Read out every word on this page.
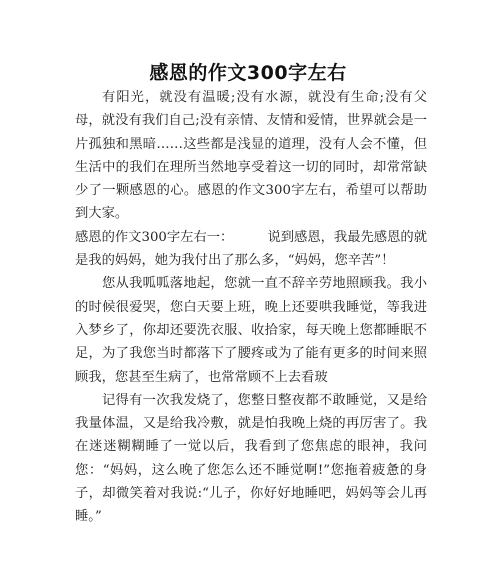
感恩的作文300字左右

有阳光，就没有温暖;没有水源，就没有生命;没有父母，就没有我们自己;没有亲情、友情和爱情，世界就会是一片孤独和黑暗……这些都是浅显的道理，没有人会不懂，但生活中的我们在理所当然地享受着这一切的同时，却常常缺少了一颗感恩的心。感恩的作文300字左右，希望可以帮助到大家。

感恩的作文300字左右一：	说到感恩，我最先感恩的就

是我的妈妈，她为我付出了那么多，“妈妈，您辛苦”！

您从我呱呱落地起，您就一直不辞辛劳地照顾我。我小的时候很爱哭，您白天要上班，晚上还要哄我睡觉，等我进入梦乡了，你却还要洗衣服、收拾家，每天晚上您都睡眠不足，为了我您当时都落下了腰疼或为了能有更多的时间来照顾我，您甚至生病了，也常常顾不上去看玻

记得有一次我发烧了，您整日整夜都不敢睡觉，又是给我量体温，又是给我冷敷，就是怕我晚上烧的再厉害了。我在迷迷糊糊睡了一觉以后，我看到了您焦虑的眼神，我问您：“妈妈，这么晚了您怎么还不睡觉啊!”您拖着疲惫的身子，却微笑着对我说:“儿子，你好好地睡吧，妈妈等会儿再睡。”
